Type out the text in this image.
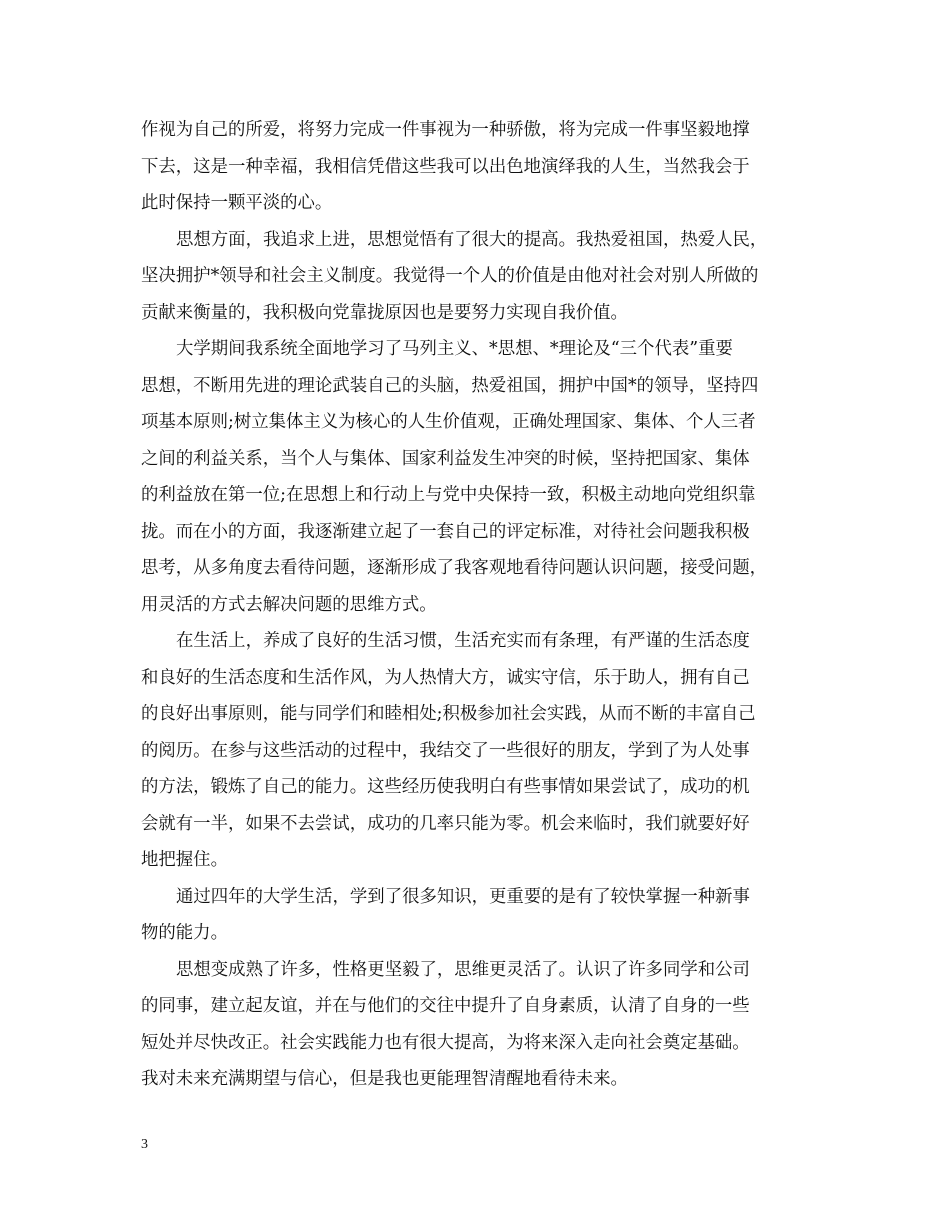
作视为自己的所爱，将努力完成一件事视为一种骄傲，将为完成一件事坚毅地撑
下去，这是一种幸福，我相信凭借这些我可以出色地演绎我的人生，当然我会于
此时保持一颗平淡的心。
思想方面，我追求上进，思想觉悟有了很大的提高。我热爱祖国，热爱人民，
坚决拥护*领导和社会主义制度。我觉得一个人的价值是由他对社会对别人所做的
贡献来衡量的，我积极向党靠拢原因也是要努力实现自我价值。
大学期间我系统全面地学习了马列主义、*思想、*理论及“三个代表”重要
思想，不断用先进的理论武装自己的头脑，热爱祖国，拥护中国*的领导，坚持四
项基本原则;树立集体主义为核心的人生价值观，正确处理国家、集体、个人三者
之间的利益关系，当个人与集体、国家利益发生冲突的时候，坚持把国家、集体
的利益放在第一位;在思想上和行动上与党中央保持一致，积极主动地向党组织靠
拢。而在小的方面，我逐渐建立起了一套自己的评定标准，对待社会问题我积极
思考，从多角度去看待问题，逐渐形成了我客观地看待问题认识问题，接受问题，
用灵活的方式去解决问题的思维方式。
在生活上，养成了良好的生活习惯，生活充实而有条理，有严谨的生活态度
和良好的生活态度和生活作风，为人热情大方，诚实守信，乐于助人，拥有自己
的良好出事原则，能与同学们和睦相处;积极参加社会实践，从而不断的丰富自己
的阅历。在参与这些活动的过程中，我结交了一些很好的朋友，学到了为人处事
的方法，锻炼了自己的能力。这些经历使我明白有些事情如果尝试了，成功的机
会就有一半，如果不去尝试，成功的几率只能为零。机会来临时，我们就要好好
地把握住。
通过四年的大学生活，学到了很多知识，更重要的是有了较快掌握一种新事
物的能力。
思想变成熟了许多，性格更坚毅了，思维更灵活了。认识了许多同学和公司
的同事，建立起友谊，并在与他们的交往中提升了自身素质，认清了自身的一些
短处并尽快改正。社会实践能力也有很大提高，为将来深入走向社会奠定基础。
我对未来充满期望与信心，但是我也更能理智清醒地看待未来。
3
